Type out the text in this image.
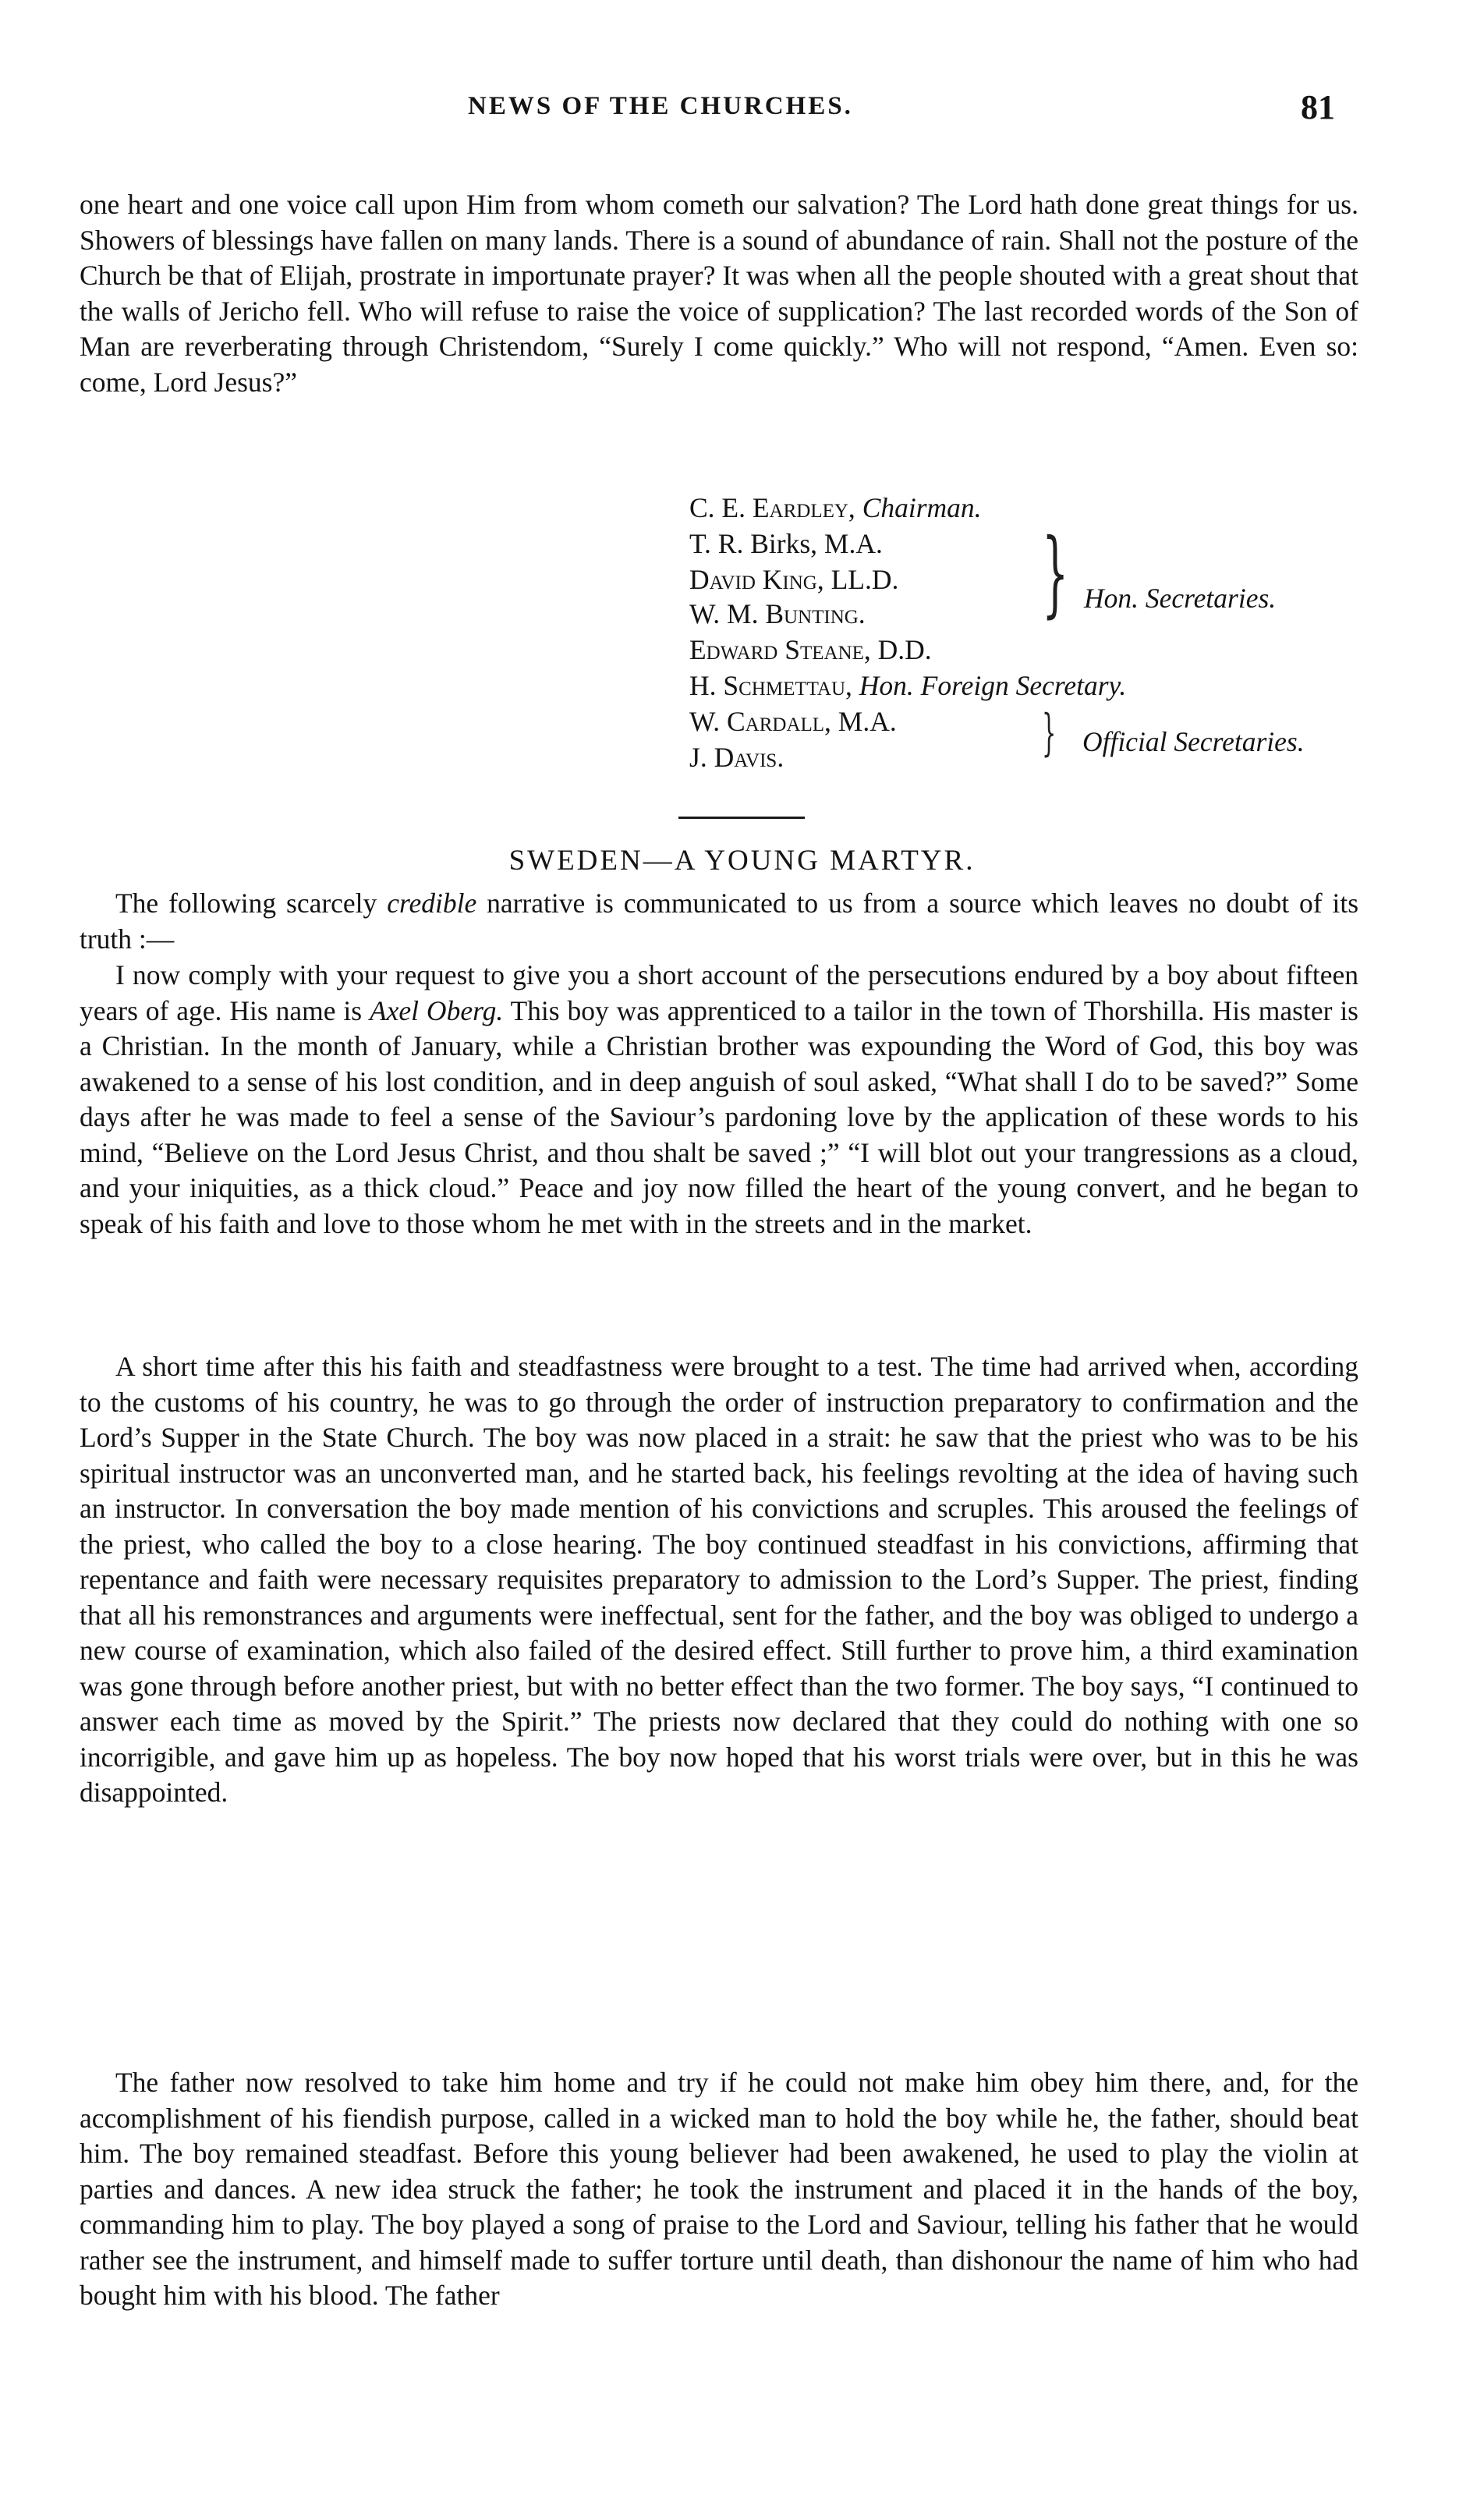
NEWS OF THE CHURCHES.	81

one heart and one voice call upon Him from whom cometh our salvation? The Lord hath done great things for us. Showers of blessings have fallen on many lands. There is a sound of abundance of rain. Shall not the posture of the Church be that of Elijah, prostrate in importunate prayer? It was when all the people shouted with a great shout that the walls of Jericho fell. Who will refuse to raise the voice of supplication? The last recorded words of the Son of Man are reverberating through Christendom, “Surely I come quickly.” Who will not respond, “Amen. Even so: come, Lord Jesus?”

C. E. Eardley, Chairman.
T. R. Birks, M.A.
David King, LL.D.
W. M. Bunting.
Edward Steane, D.D.
} Hon. Secretaries.
H. Schmettau, Hon. Foreign Secretary.
W. Cardall, M.A.
J. Davis.	} Official Secretaries.
SWEDEN—A YOUNG MARTYR.

The following scarcely credible narrative is communicated to us from a source which leaves no doubt of its truth :—

I now comply with your request to give you a short account of the persecutions endured by a boy about fifteen years of age. His name is Axel Oberg. This boy was apprenticed to a tailor in the town of Thorshilla. His master is a Christian. In the month of January, while a Christian brother was expounding the Word of God, this boy was awakened to a sense of his lost condition, and in deep anguish of soul asked, “What shall I do to be saved?” Some days after he was made to feel a sense of the Saviour’s pardoning love by the application of these words to his mind, “Believe on the Lord Jesus Christ, and thou shalt be saved ;” “I will blot out your trangressions as a cloud, and your iniquities, as a thick cloud.” Peace and joy now filled the heart of the young convert, and he began to speak of his faith and love to those whom he met with in the streets and in the market.

A short time after this his faith and steadfastness were brought to a test. The time had arrived when, according to the customs of his country, he was to go through the order of instruction preparatory to confirmation and the Lord’s Supper in the State Church. The boy was now placed in a strait: he saw that the priest who was to be his spiritual instructor was an unconverted man, and he started back, his feelings revolting at the idea of having such an instructor. In conversation the boy made mention of his convictions and scruples. This aroused the feelings of the priest, who called the boy to a close hearing. The boy continued steadfast in his convictions, affirming that repentance and faith were necessary requisites preparatory to admission to the Lord’s Supper. The priest, finding that all his remonstrances and arguments were ineffectual, sent for the father, and the boy was obliged to undergo a new course of examination, which also failed of the desired effect. Still further to prove him, a third examination was gone through before another priest, but with no better effect than the two former. The boy says, “I continued to answer each time as moved by the Spirit.” The priests now declared that they could do nothing with one so incorrigible, and gave him up as hopeless. The boy now hoped that his worst trials were over, but in this he was disappointed.

The father now resolved to take him home and try if he could not make him obey him there, and, for the accomplishment of his fiendish purpose, called in a wicked man to hold the boy while he, the father, should beat him. The boy remained steadfast. Before this young believer had been awakened, he used to play the violin at parties and dances. A new idea struck the father; he took the instrument and placed it in the hands of the boy, commanding him to play. The boy played a song of praise to the Lord and Saviour, telling his father that he would rather see the instrument, and himself made to suffer torture until death, than dishonour the name of him who had bought him with his blood. The father
